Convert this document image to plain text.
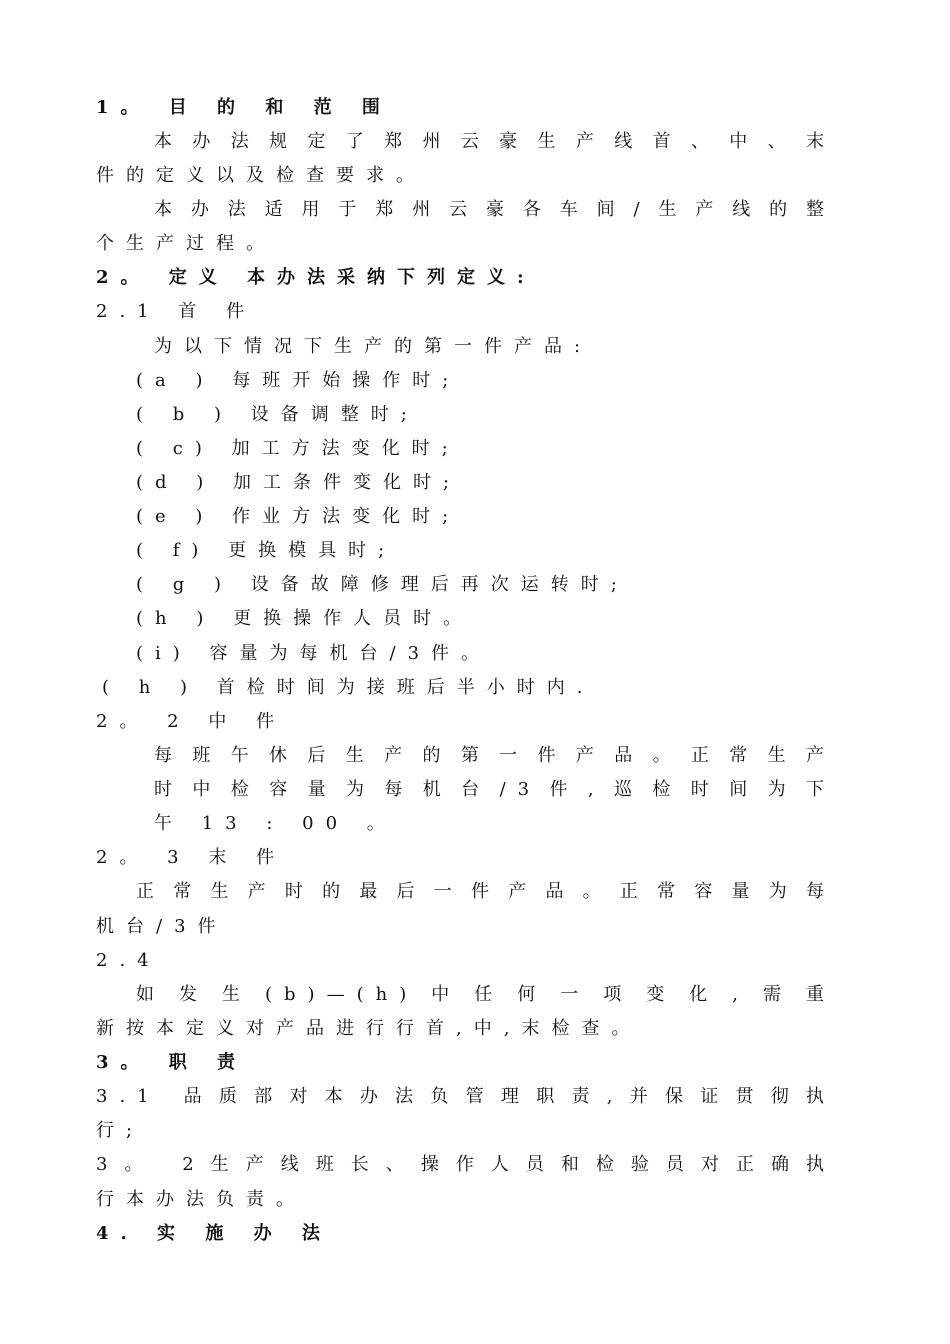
1。 目 的 和 范 围
本办法规定了郑州云豪生产线首、中、末
件的定义以及检查要求。
本办法适用于郑州云豪各车间/生产线的整
个生产过程。
2。 定义 本办法采纳下列定义:
2.1 首 件
为以下情况下生产的第一件产品:
(a ) 每班开始操作时;
( b ) 设备调整时;
( c) 加工方法变化时;
(d ) 加工条件变化时;
(e ) 作业方法变化时;
( f) 更换模具时;
( g ) 设备故障修理后再次运转时;
(h ) 更换操作人员时。
(i) 容量为每机台/3件。
( h ) 首检时间为接班后半小时内.
2。 2 中 件
每班午休后生产的第一件产品。正常生产
时中检容量为每机台/3件,巡检时间为下
午 13 : 00 。
2。 3 末 件
正常生产时的最后一件产品。正常容量为每
机台/3件
2.4
如发生(b)—(h)中任何一项变化,需重
新按本定义对产品进行行首,中,末检查。
3。 职 责
3.1 品质部对本办法负管理职责,并保证贯彻执
行;
3。 2生产线班长、操作人员和检验员对正确执
行本办法负责。
4. 实 施 办 法
